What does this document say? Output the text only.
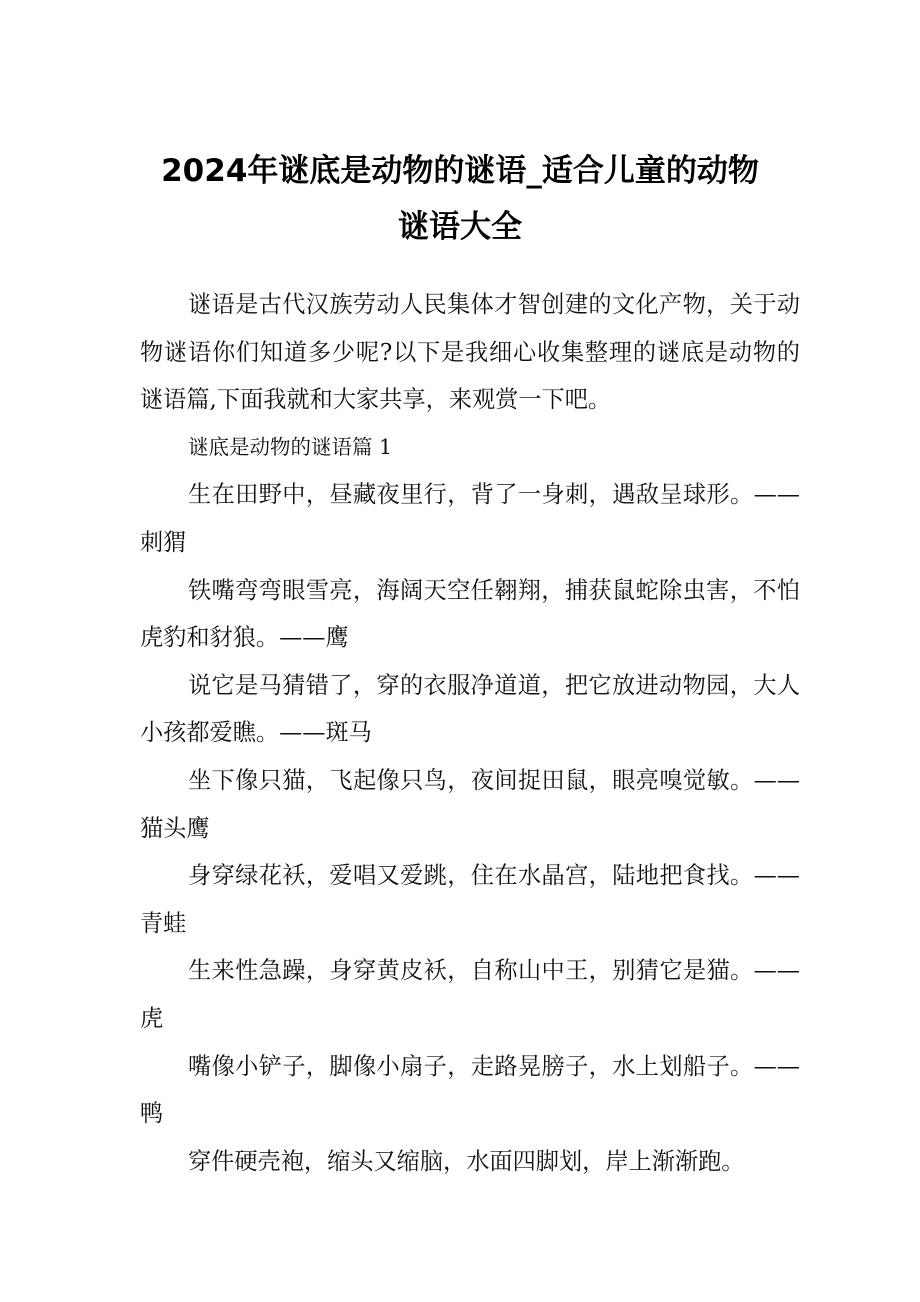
2024年谜底是动物的谜语_适合儿童的动物
谜语大全

谜语是古代汉族劳动人民集体才智创建的文化产物，关于动物谜语你们知道多少呢?以下是我细心收集整理的谜底是动物的谜语篇,下面我就和大家共享，来观赏一下吧。

谜底是动物的谜语篇 1

生在田野中，昼藏夜里行，背了一身刺，遇敌呈球形。——刺猬

铁嘴弯弯眼雪亮，海阔天空任翱翔，捕获鼠蛇除虫害，不怕虎豹和豺狼。——鹰

说它是马猜错了，穿的衣服净道道，把它放进动物园，大人小孩都爱瞧。——斑马

坐下像只猫，飞起像只鸟，夜间捉田鼠，眼亮嗅觉敏。——猫头鹰

身穿绿花袄，爱唱又爱跳，住在水晶宫，陆地把食找。——青蛙

生来性急躁，身穿黄皮袄，自称山中王，别猜它是猫。——虎

嘴像小铲子，脚像小扇子，走路晃膀子，水上划船子。——鸭

穿件硬壳袍，缩头又缩脑，水面四脚划，岸上渐渐跑。
